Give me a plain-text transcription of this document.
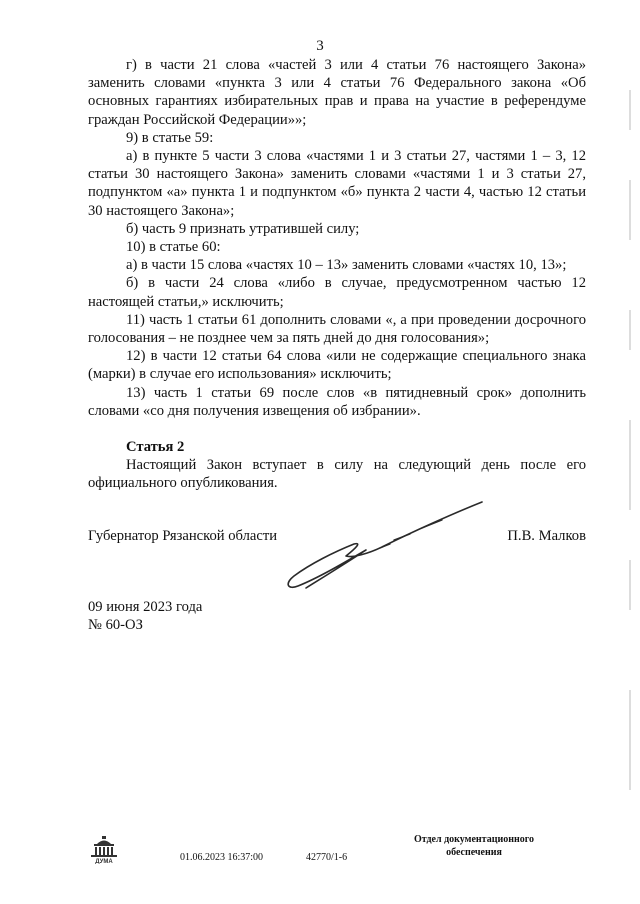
3

г) в части 21 слова «частей 3 или 4 статьи 76 настоящего Закона» заменить словами «пункта 3 или 4 статьи 76 Федерального закона «Об основных гарантиях избирательных прав и права на участие в референдуме граждан Российской Федерации»»;

9) в статье 59:

а) в пункте 5 части 3 слова «частями 1 и 3 статьи 27, частями 1 – 3, 12 статьи 30 настоящего Закона» заменить словами «частями 1 и 3 статьи 27, подпунктом «а» пункта 1 и подпунктом «б» пункта 2 части 4, частью 12 статьи 30 настоящего Закона»;

б) часть 9 признать утратившей силу;

10) в статье 60:

а) в части 15 слова «частях 10 – 13» заменить словами «частях 10, 13»;

б) в части 24 слова «либо в случае, предусмотренном частью 12 настоящей статьи,» исключить;

11) часть 1 статьи 61 дополнить словами «, а при проведении досрочного голосования – не позднее чем за пять дней до дня голосования»;

12) в части 12 статьи 64 слова «или не содержащие специального знака (марки) в случае его использования» исключить;

13) часть 1 статьи 69 после слов «в пятидневный срок» дополнить словами «со дня получения извещения об избрании».

Статья 2

Настоящий Закон вступает в силу на следующий день после его официального опубликования.

Губернатор Рязанской области	П.В. Малков
09 июня 2023 года
№ 60-ОЗ
ДУМА	01.06.2023 16:37:00	42770/1-6
Отдел документационного обеспечения
